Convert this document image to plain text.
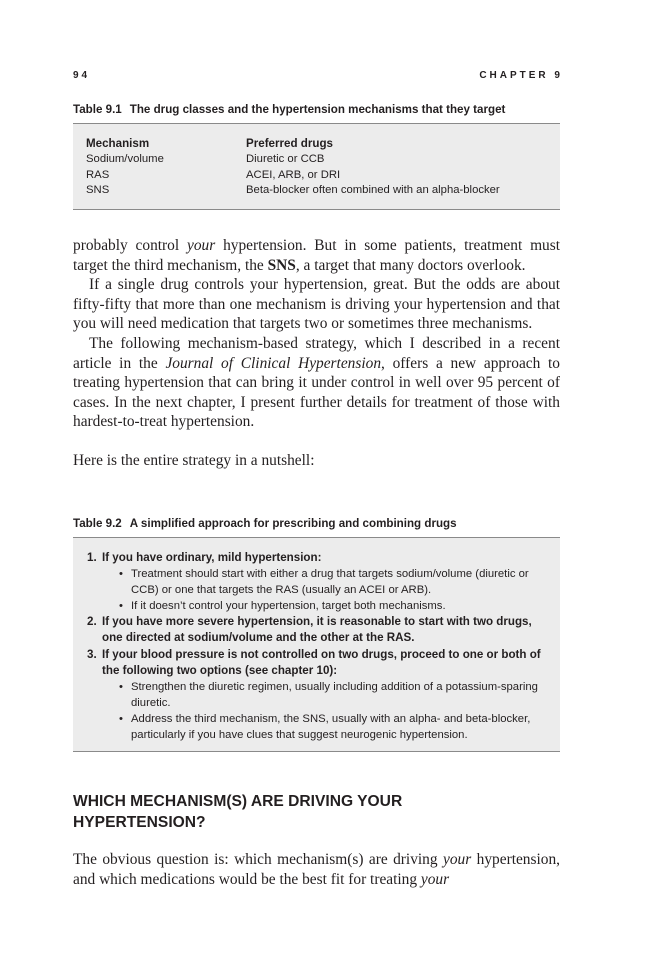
94	CHAPTER 9
Table 9.1 The drug classes and the hypertension mechanisms that they target
Mechanism	Preferred drugs
Sodium/volume	Diuretic or CCB
RAS	ACEI, ARB, or DRI
SNS	Beta-blocker often combined with an alpha-blocker

probably control your hypertension. But in some patients, treatment must target the third mechanism, the SNS, a target that many doctors overlook.

If a single drug controls your hypertension, great. But the odds are about fifty-fifty that more than one mechanism is driving your hypertension and that you will need medication that targets two or sometimes three mechanisms.

The following mechanism-based strategy, which I described in a recent article in the Journal of Clinical Hypertension, offers a new approach to treating hypertension that can bring it under control in well over 95 percent of cases. In the next chapter, I present further details for treatment of those with hardest-to-treat hypertension.

Here is the entire strategy in a nutshell:

Table 9.2 A simplified approach for prescribing and combining drugs
1. If you have ordinary, mild hypertension:
• Treatment should start with either a drug that targets sodium/volume (diuretic or CCB) or one that targets the RAS (usually an ACEI or ARB).
• If it doesn’t control your hypertension, target both mechanisms.
2. If you have more severe hypertension, it is reasonable to start with two drugs, one directed at sodium/volume and the other at the RAS.
3. If your blood pressure is not controlled on two drugs, proceed to one or both of the following two options (see chapter 10):
• Strengthen the diuretic regimen, usually including addition of a potassium-sparing diuretic.
• Address the third mechanism, the SNS, usually with an alpha- and beta-blocker, particularly if you have clues that suggest neurogenic hypertension.
WHICH MECHANISM(S) ARE DRIVING YOUR
HYPERTENSION?

The obvious question is: which mechanism(s) are driving your hypertension, and which medications would be the best fit for treating your
